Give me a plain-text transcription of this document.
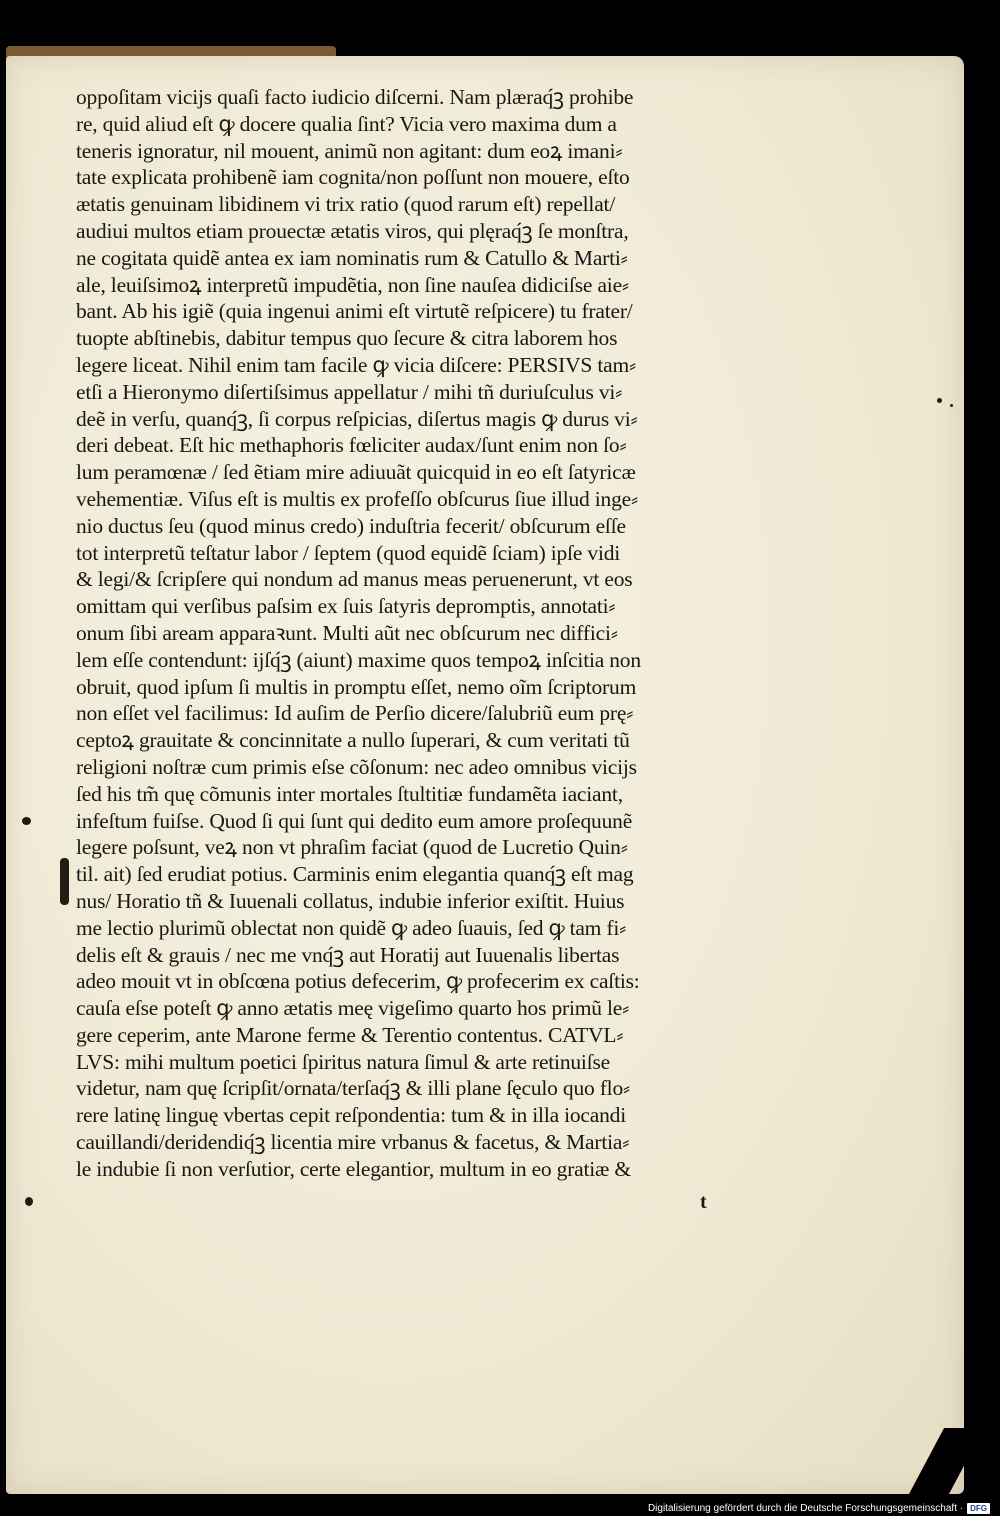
oppoſitam vicijs quaſi facto iudicio diſcerni. Nam plæraq́ꝫ prohibe
re, quid aliud eſt ꝙ docere qualia ſint? Vicia vero maxima dum a
teneris ignoratur, nil mouent, animũ non agitant: dum eoꝝ imani⸗
tate explicata prohibenẽ iam cognita/non poſſunt non mouere, eſto
ætatis genuinam libidinem vi trix ratio (quod rarum eſt) repellat/
audiui multos etiam prouectæ ætatis viros, qui plęraq́ꝫ ſe monſtra,
ne cogitata quidẽ antea ex iam nominatis rum & Catullo & Marti⸗
ale, leuiſsimoꝝ interpretũ impudẽtia, non ſine nauſea didiciſse aie⸗
bant. Ab his igiẽ (quia ingenui animi eſt virtutẽ reſpicere) tu frater/
tuopte abſtinebis, dabitur tempus quo ſecure & citra laborem hos
legere liceat. Nihil enim tam facile ꝙ vicia diſcere: PERSIVS tam⸗
etſi a Hieronymo diſertiſsimus appellatur / mihi tñ duriuſculus vi⸗
deẽ in verſu, quanq́ꝫ, ſi corpus reſpicias, diſertus magis ꝙ durus vi⸗
deri debeat. Eſt hic methaphoris fœliciter audax/ſunt enim non ſo⸗
lum peramœnæ / ſed ẽtiam mire adiuuãt quicquid in eo eſt ſatyricæ
vehementiæ. Viſus eſt is multis ex profeſſo obſcurus ſiue illud inge⸗
nio ductus ſeu (quod minus credo) induſtria fecerit/ obſcurum eſſe
tot interpretũ teſtatur labor / ſeptem (quod equidẽ ſciam) ipſe vidi
& legi/& ſcripſere qui nondum ad manus meas peruenerunt, vt eos
omittam qui verſibus paſsim ex ſuis ſatyris depromptis, annotati⸗
onum ſibi aream apparaꝛunt. Multi aũt nec obſcurum nec diffici⸗
lem eſſe contendunt: ijſq́ꝫ (aiunt) maxime quos tempoꝝ inſcitia non
obruit, quod ipſum ſi multis in promptu eſſet, nemo oĩm ſcriptorum
non eſſet vel facilimus: Id auſim de Perſio dicere/ſalubriũ eum prę⸗
ceptoꝝ grauitate & concinnitate a nullo ſuperari, & cum veritati tũ
religioni noſtræ cum primis eſse cõſonum: nec adeo omnibus vicijs
ſed his tm̃ quę cõmunis inter mortales ſtultitiæ fundamẽta iaciant,
infeſtum fuiſse. Quod ſi qui ſunt qui dedito eum amore proſequunẽ
legere poſsunt, veꝝ non vt phraſim faciat (quod de Lucretio Quin⸗
til. ait) ſed erudiat potius. Carminis enim elegantia quanq́ꝫ eſt mag
nus/ Horatio tñ & Iuuenali collatus, indubie inferior exiſtit. Huius
me lectio plurimũ oblectat non quidẽ ꝙ adeo ſuauis, ſed ꝙ tam fi⸗
delis eſt & grauis / nec me vnq́ꝫ aut Horatij aut Iuuenalis libertas
adeo mouit vt in obſcœna potius defecerim, ꝙ profecerim ex caſtis:
cauſa eſse poteſt ꝙ anno ætatis meę vigeſimo quarto hos primũ le⸗
gere ceperim, ante Marone ferme & Terentio contentus. CATVL⸗
LVS: mihi multum poetici ſpiritus natura ſimul & arte retinuiſse
videtur, nam quę ſcripſit/ornata/terſaq́ꝫ & illi plane ſęculo quo flo⸗
rere latinę linguę vbertas cepit reſpondentia: tum & in illa iocandi
cauillandi/deridendiq́ꝫ licentia mire vrbanus & facetus, & Martia⸗
le indubie ſi non verſutior, certe elegantior, multum in eo gratiæ &
t
Digitalisierung gefördert durch die Deutsche Forschungsgemeinschaft · DFG
